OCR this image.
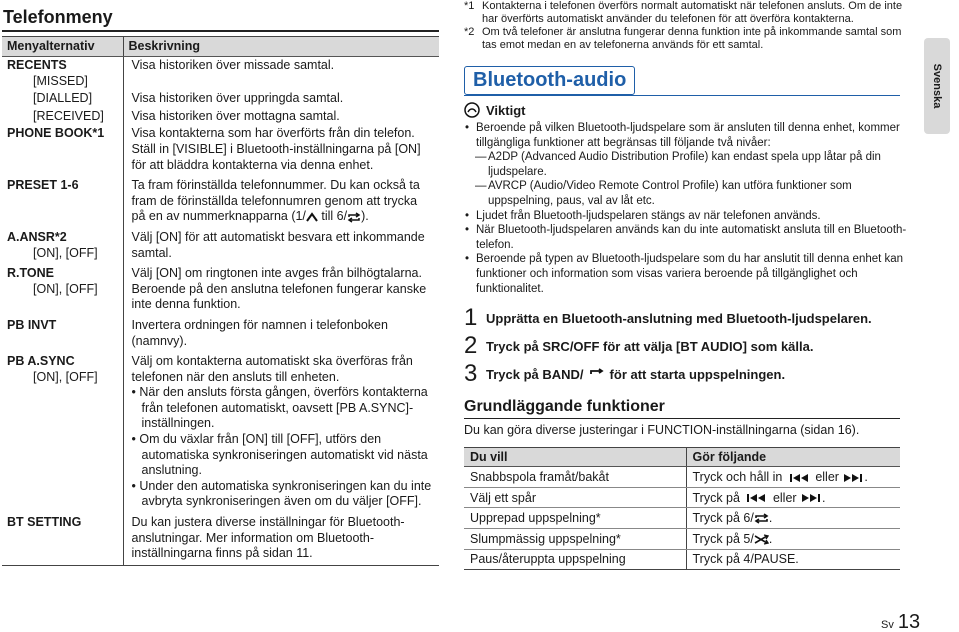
Telefonmeny
Menyalternativ	Beskrivning

RECENTS
[MISSED]	Visa historiken över missade samtal.

[DIALLED]	Visa historiken över uppringda samtal.

[RECEIVED]	Visa historiken över mottagna samtal.

PHONE BOOK*1	Visa kontakterna som har överförts från din telefon. Ställ in [VISIBLE] i Bluetooth-inställningarna på [ON] för att bläddra kontakterna via denna enhet.

PRESET 1-6	Ta fram förinställda telefonnummer. Du kan också ta fram de förinställda telefonnumren genom att trycka på en av nummerknapparna (1/ till 6/ ).

A.ANSR*2
[ON], [OFF]	Välj [ON] för att automatiskt besvara ett inkommande samtal.

R.TONE
[ON], [OFF]	Välj [ON] om ringtonen inte avges från bilhögtalarna. Beroende på den anslutna telefonen fungerar kanske inte denna funktion.

PB INVT	Invertera ordningen för namnen i telefonboken (namnvy).

PB A.SYNC
[ON], [OFF]	Välj om kontakterna automatiskt ska överföras från telefonen när den ansluts till enheten.
• När den ansluts första gången, överförs kontakterna från telefonen automatiskt, oavsett [PB A.SYNC]-inställningen.
• Om du växlar från [ON] till [OFF], utförs den automatiska synkroniseringen automatiskt vid nästa anslutning.
• Under den automatiska synkroniseringen kan du inte avbryta synkroniseringen även om du väljer [OFF].

BT SETTING	Du kan justera diverse inställningar för Bluetooth-anslutningar. Mer information om Bluetooth-inställningarna finns på sidan 11.
*1 Kontakterna i telefonen överförs normalt automatiskt när telefonen ansluts. Om de inte har överförts automatiskt använder du telefonen för att överföra kontakterna.
*2 Om två telefoner är anslutna fungerar denna funktion inte på inkommande samtal som tas emot medan en av telefonerna används för ett samtal.
Bluetooth-audio
Viktigt
• Beroende på vilken Bluetooth-ljudspelare som är ansluten till denna enhet, kommer tillgängliga funktioner att begränsas till följande två nivåer:
— A2DP (Advanced Audio Distribution Profile) kan endast spela upp låtar på din ljudspelare.
— AVRCP (Audio/Video Remote Control Profile) kan utföra funktioner som uppspelning, paus, val av låt etc.
• Ljudet från Bluetooth-ljudspelaren stängs av när telefonen används.
• När Bluetooth-ljudspelaren används kan du inte automatiskt ansluta till en Bluetooth-telefon.
• Beroende på typen av Bluetooth-ljudspelare som du har anslutit till denna enhet kan funktioner och information som visas variera beroende på tillgänglighet och funktionalitet.
1 Upprätta en Bluetooth-anslutning med Bluetooth-ljudspelaren.
2 Tryck på SRC/OFF för att välja [BT AUDIO] som källa.
3 Tryck på BAND/ för att starta uppspelningen.
Grundläggande funktioner
Du kan göra diverse justeringar i FUNCTION-inställningarna (sidan 16).
Du vill	Gör följande
Snabbspola framåt/bakåt	Tryck och håll in eller .
Välj ett spår	Tryck på eller .
Upprepad uppspelning*	Tryck på 6/ .
Slumpmässig uppspelning*	Tryck på 5/ .
Paus/återuppta uppspelning	Tryck på 4/PAUSE.
Svenska
Sv 13
